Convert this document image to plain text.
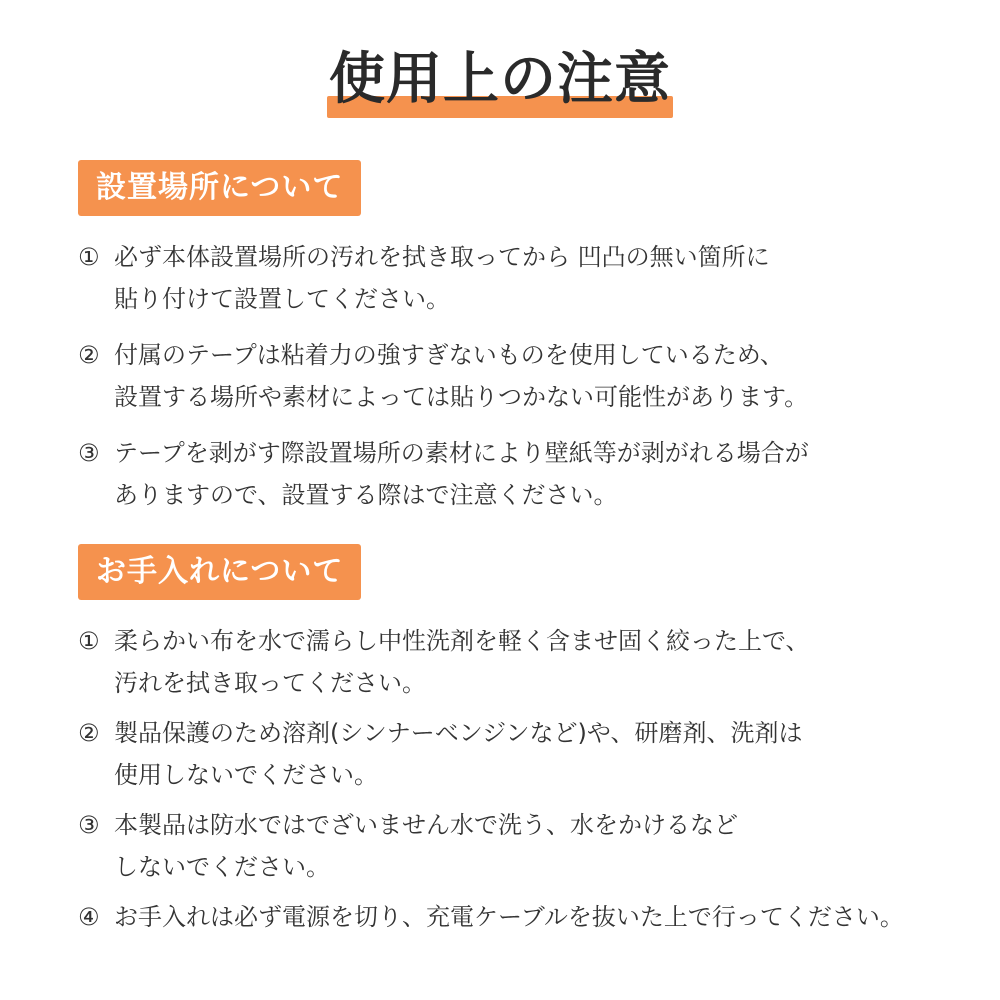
使用上の注意
設置場所について
① 必ず本体設置場所の汚れを拭き取ってから 凹凸の無い箇所に
貼り付けて設置してください。
② 付属のテープは粘着力の強すぎないものを使用しているため、
設置する場所や素材によっては貼りつかない可能性があります。
③ テープを剥がす際設置場所の素材により壁紙等が剥がれる場合が
ありますので、設置する際はで注意ください。
お手入れについて
① 柔らかい布を水で濡らし中性洗剤を軽く含ませ固く絞った上で、
汚れを拭き取ってください。
② 製品保護のため溶剤(シンナーベンジンなど)や、研磨剤、洗剤は
使用しないでください。
③ 本製品は防水ではでざいません水で洗う、水をかけるなど
しないでください。
④ お手入れは必ず電源を切り、充電ケーブルを抜いた上で行ってください。
